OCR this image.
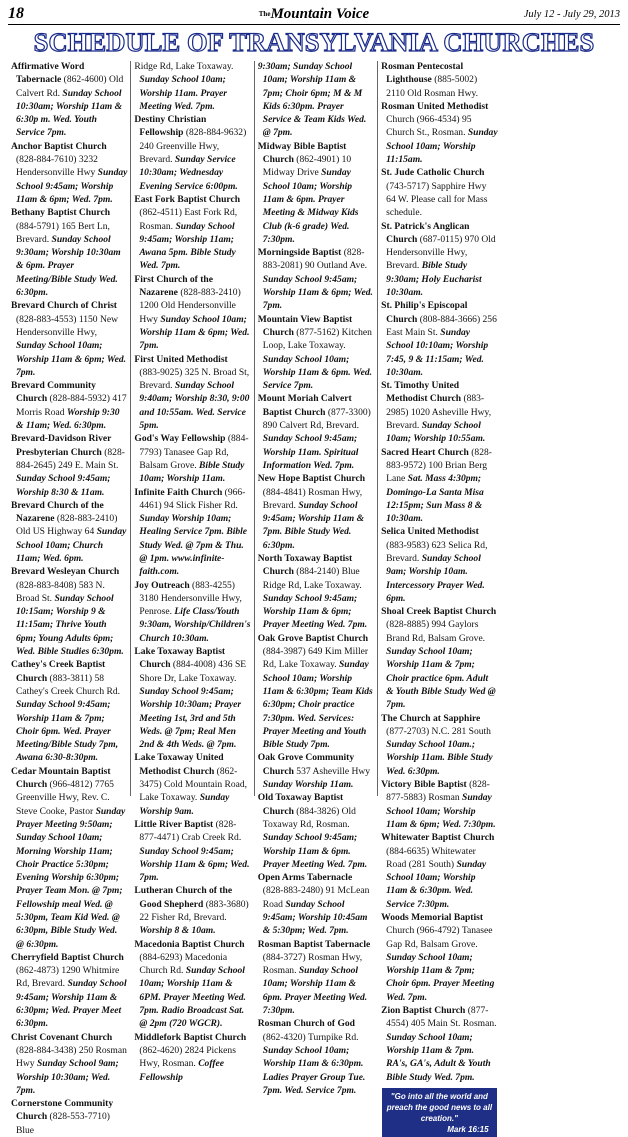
18	$^{The}$Mountain Voice	July 12 - July 29, 2013
SCHEDULE OF TRANSYLVANIA CHURCHES

Affirmative Word Tabernacle (862-4600) Old Calvert Rd. Sunday School 10:30am; Worship 11am & 6:30p m. Wed. Youth Service 7pm.

Anchor Baptist Church (828-884-7610) 3232 Hendersonville Hwy Sunday School 9:45am; Worship 11am & 6pm; Wed. 7pm.

Bethany Baptist Church (884-5791) 165 Bert Ln, Brevard. Sunday School 9:30am; Worship 10:30am & 6pm. Prayer Meeting/Bible Study Wed. 6:30pm.

Brevard Church of Christ (828-883-4553) 1150 New Hendersonville Hwy, Sunday School 10am; Worship 11am & 6pm; Wed. 7pm.

Brevard Community Church (828-884-5932) 417 Morris Road Worship 9:30 & 11am; Wed. 6:30pm.

Brevard-Davidson River Presbyterian Church (828-884-2645) 249 E. Main St. Sunday School 9:45am; Worship 8:30 & 11am.

Brevard Church of the Nazarene (828-883-2410) Old US Highway 64 Sunday School 10am; Church 11am; Wed. 6pm.

Brevard Wesleyan Church (828-883-8408) 583 N. Broad St. Sunday School 10:15am; Worship 9 & 11:15am; Thrive Youth 6pm; Young Adults 6pm; Wed. Bible Studies 6:30pm.

Cathey's Creek Baptist Church (883-3811) 58 Cathey's Creek Church Rd. Sunday School 9:45am; Worship 11am & 7pm; Choir 6pm. Wed. Prayer Meeting/Bible Study 7pm, Awana 6:30-8:30pm.

Cedar Mountain Baptist Church (966-4812) 7765 Greenville Hwy, Rev. C. Steve Cooke, Pastor Sunday Prayer Meeting 9:50am; Sunday School 10am; Morning Worship 11am; Choir Practice 5:30pm; Evening Worship 6:30pm; Prayer Team Mon. @ 7pm; Fellowship meal Wed. @ 5:30pm, Team Kid Wed. @ 6:30pm, Bible Study Wed. @ 6:30pm.

Cherryfield Baptist Church (862-4873) 1290 Whitmire Rd, Brevard. Sunday School 9:45am; Worship 11am & 6:30pm; Wed. Prayer Meet 6:30pm.

Christ Covenant Church (828-884-3438) 250 Rosman Hwy Sunday School 9am; Worship 10:30am; Wed. 7pm.

Cornerstone Community Church (828-553-7710) Blue

Ridge Rd, Lake Toxaway. Sunday School 10am; Worship 11am. Prayer Meeting Wed. 7pm.

Destiny Christian Fellowship (828-884-9632) 240 Greenville Hwy, Brevard. Sunday Service 10:30am; Wednesday Evening Service 6:00pm.

East Fork Baptist Church (862-4511) East Fork Rd, Rosman. Sunday School 9:45am; Worship 11am; Awana 5pm. Bible Study Wed. 7pm.

First Church of the Nazarene (828-883-2410) 1200 Old Hendersonville Hwy Sunday School 10am; Worship 11am & 6pm; Wed. 7pm.

First United Methodist (883-9025) 325 N. Broad St, Brevard. Sunday School 9:40am; Worship 8:30, 9:00 and 10:55am. Wed. Service 5pm.

God's Way Fellowship (884-7793) Tanasee Gap Rd, Balsam Grove. Bible Study 10am; Worship 11am.

Infinite Faith Church (966-4461) 94 Slick Fisher Rd. Sunday Worship 10am; Healing Service 7pm. Bible Study Wed. @ 7pm & Thu. @ 1pm. www.infinite-faith.com.

Joy Outreach (883-4255) 3180 Hendersonville Hwy, Penrose. Life Class/Youth 9:30am, Worship/Children's Church 10:30am.

Lake Toxaway Baptist Church (884-4008) 436 SE Shore Dr, Lake Toxaway. Sunday School 9:45am; Worship 10:30am; Prayer Meeting 1st, 3rd and 5th Weds. @ 7pm; Real Men 2nd & 4th Weds. @ 7pm.

Lake Toxaway United Methodist Church (862-3475) Cold Mountain Road, Lake Toxaway. Sunday Worship 9am.

Little River Baptist (828-877-4471) Crab Creek Rd. Sunday School 9:45am; Worship 11am & 6pm; Wed. 7pm.

Lutheran Church of the Good Shepherd (883-3680) 22 Fisher Rd, Brevard. Worship 8 & 10am.

Macedonia Baptist Church (884-6293) Macedonia Church Rd. Sunday School 10am; Worship 11am & 6PM. Prayer Meeting Wed. 7pm. Radio Broadcast Sat. @ 2pm (720 WGCR).

Middlefork Baptist Church (862-4620) 2824 Pickens Hwy, Rosman. Coffee Fellowship

9:30am; Sunday School 10am; Worship 11am & 7pm; Choir 6pm; M & M Kids 6:30pm. Prayer Service & Team Kids Wed. @ 7pm.

Midway Bible Baptist Church (862-4901) 10 Midway Drive Sunday School 10am; Worship 11am & 6pm. Prayer Meeting & Midway Kids Club (k-6 grade) Wed. 7:30pm.

Morningside Baptist (828-883-2081) 90 Outland Ave. Sunday School 9:45am; Worship 11am & 6pm; Wed. 7pm.

Mountain View Baptist Church (877-5162) Kitchen Loop, Lake Toxaway. Sunday School 10am; Worship 11am & 6pm. Wed. Service 7pm.

Mount Moriah Calvert Baptist Church (877-3300) 890 Calvert Rd, Brevard. Sunday School 9:45am; Worship 11am. Spiritual Information Wed. 7pm.

New Hope Baptist Church (884-4841) Rosman Hwy, Brevard. Sunday School 9:45am; Worship 11am & 7pm. Bible Study Wed. 6:30pm.

North Toxaway Baptist Church (884-2140) Blue Ridge Rd, Lake Toxaway. Sunday School 9:45am; Worship 11am & 6pm; Prayer Meeting Wed. 7pm.

Oak Grove Baptist Church (884-3987) 649 Kim Miller Rd, Lake Toxaway. Sunday School 10am; Worship 11am & 6:30pm; Team Kids 6:30pm; Choir practice 7:30pm. Wed. Services: Prayer Meeting and Youth Bible Study 7pm.

Oak Grove Community Church 537 Asheville Hwy Sunday Worship 11am.

Old Toxaway Baptist Church (884-3826) Old Toxaway Rd, Rosman. Sunday School 9:45am; Worship 11am & 6pm. Prayer Meeting Wed. 7pm.

Open Arms Tabernacle (828-883-2480) 91 McLean Road Sunday School 9:45am; Worship 10:45am & 5:30pm; Wed. 7pm.

Rosman Baptist Tabernacle (884-3727) Rosman Hwy, Rosman. Sunday School 10am; Worship 11am & 6pm. Prayer Meeting Wed. 7:30pm.

Rosman Church of God (862-4320) Turnpike Rd. Sunday School 10am; Worship 11am & 6:30pm. Ladies Prayer Group Tue. 7pm. Wed. Service 7pm.

Rosman Pentecostal Lighthouse (885-5002) 2110 Old Rosman Hwy.

Rosman United Methodist Church (966-4534) 95 Church St., Rosman. Sunday School 10am; Worship 11:15am.

St. Jude Catholic Church (743-5717) Sapphire Hwy 64 W. Please call for Mass schedule.

St. Patrick's Anglican Church (687-0115) 970 Old Hendersonville Hwy, Brevard. Bible Study 9:30am; Holy Eucharist 10:30am.

St. Philip's Episcopal Church (808-884-3666) 256 East Main St. Sunday School 10:10am; Worship 7:45, 9 & 11:15am; Wed. 10:30am.

St. Timothy United Methodist Church (883-2985) 1020 Asheville Hwy, Brevard. Sunday School 10am; Worship 10:55am.

Sacred Heart Church (828-883-9572) 100 Brian Berg Lane Sat. Mass 4:30pm; Domingo-La Santa Misa 12:15pm; Sun Mass 8 & 10:30am.

Selica United Methodist (883-9583) 623 Selica Rd, Brevard. Sunday School 9am; Worship 10am. Intercessory Prayer Wed. 6pm.

Shoal Creek Baptist Church (828-8885) 994 Gaylors Brand Rd, Balsam Grove. Sunday School 10am; Worship 11am & 7pm; Choir practice 6pm. Adult & Youth Bible Study Wed @ 7pm.

The Church at Sapphire (877-2703) N.C. 281 South Sunday School 10am.; Worship 11am. Bible Study Wed. 6:30pm.

Victory Bible Baptist (828-877-5883) Rosman Sunday School 10am; Worship 11am & 6pm; Wed. 7:30pm.

Whitewater Baptist Church (884-6635) Whitewater Road (281 South) Sunday School 10am; Worship 11am & 6:30pm. Wed. Service 7:30pm.

Woods Memorial Baptist Church (966-4792) Tanasee Gap Rd, Balsam Grove. Sunday School 10am; Worship 11am & 7pm; Choir 6pm. Prayer Meeting Wed. 7pm.

Zion Baptist Church (877-4554) 405 Main St. Rosman. Sunday School 10am; Worship 11am & 7pm. RA's, GA's, Adult & Youth Bible Study Wed. 7pm.

"Go into all the world and preach the good news to all creation."
Mark 16:15
